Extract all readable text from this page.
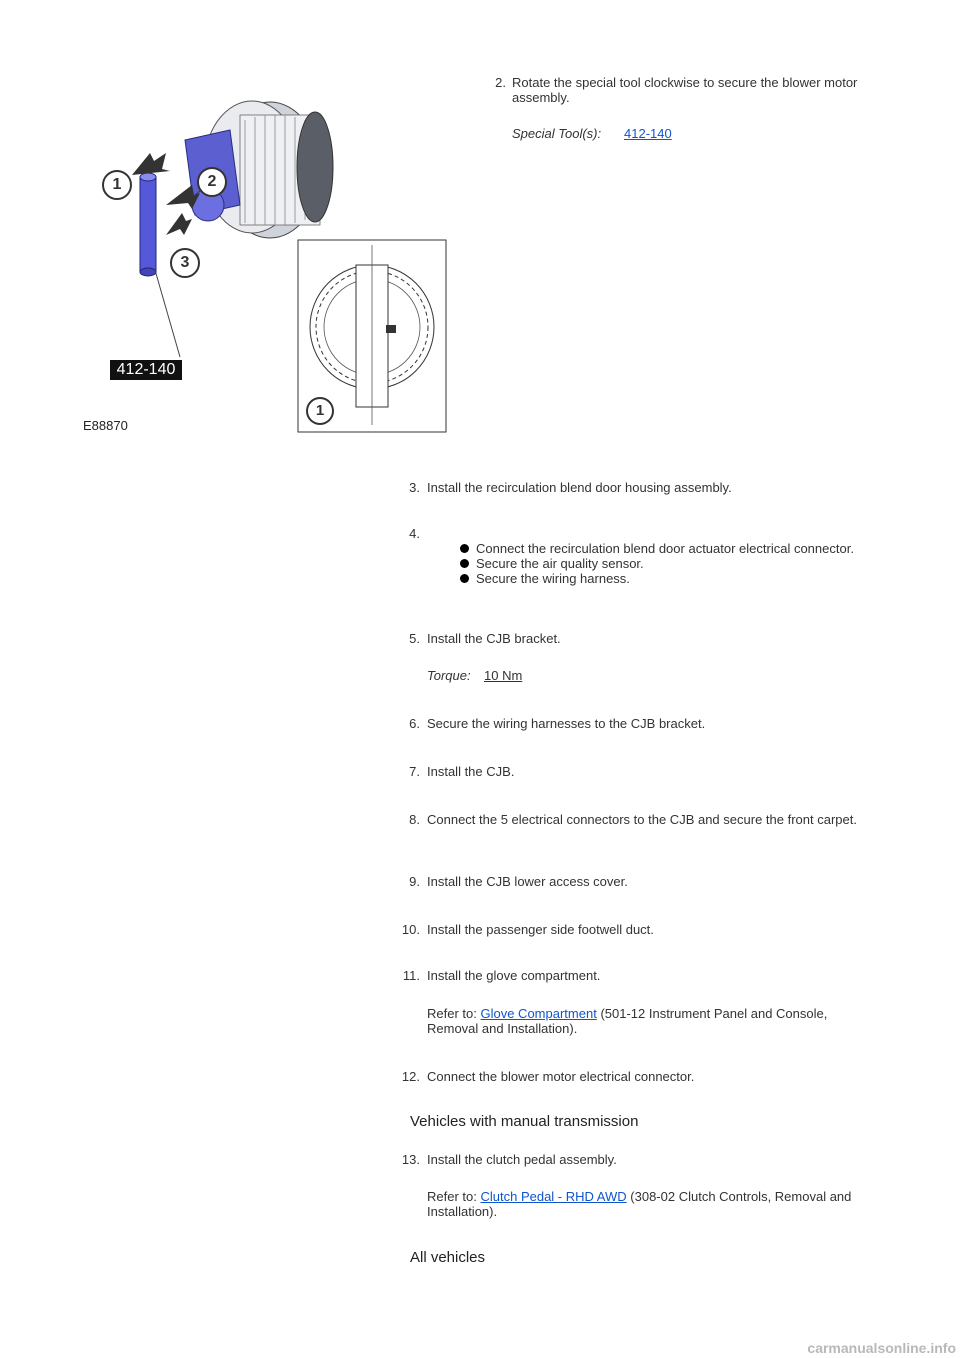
1	2
3
1
412-140
E88870
2. Rotate the special tool clockwise to secure the blower motor assembly.
Special Tool(s): 412-140
3. Install the recirculation blend door housing assembly.
4.
Connect the recirculation blend door actuator electrical connector.
Secure the air quality sensor.
Secure the wiring harness.
5. Install the CJB bracket.
Torque: 10 Nm
6. Secure the wiring harnesses to the CJB bracket.
7. Install the CJB.
8. Connect the 5 electrical connectors to the CJB and secure the front carpet.
9. Install the CJB lower access cover.
10. Install the passenger side footwell duct.
11. Install the glove compartment.
Refer to: Glove Compartment (501-12 Instrument Panel and Console, Removal and Installation).
12. Connect the blower motor electrical connector.
Vehicles with manual transmission
13. Install the clutch pedal assembly.
Refer to: Clutch Pedal - RHD AWD (308-02 Clutch Controls, Removal and Installation).
All vehicles
carmanualsonline.info
